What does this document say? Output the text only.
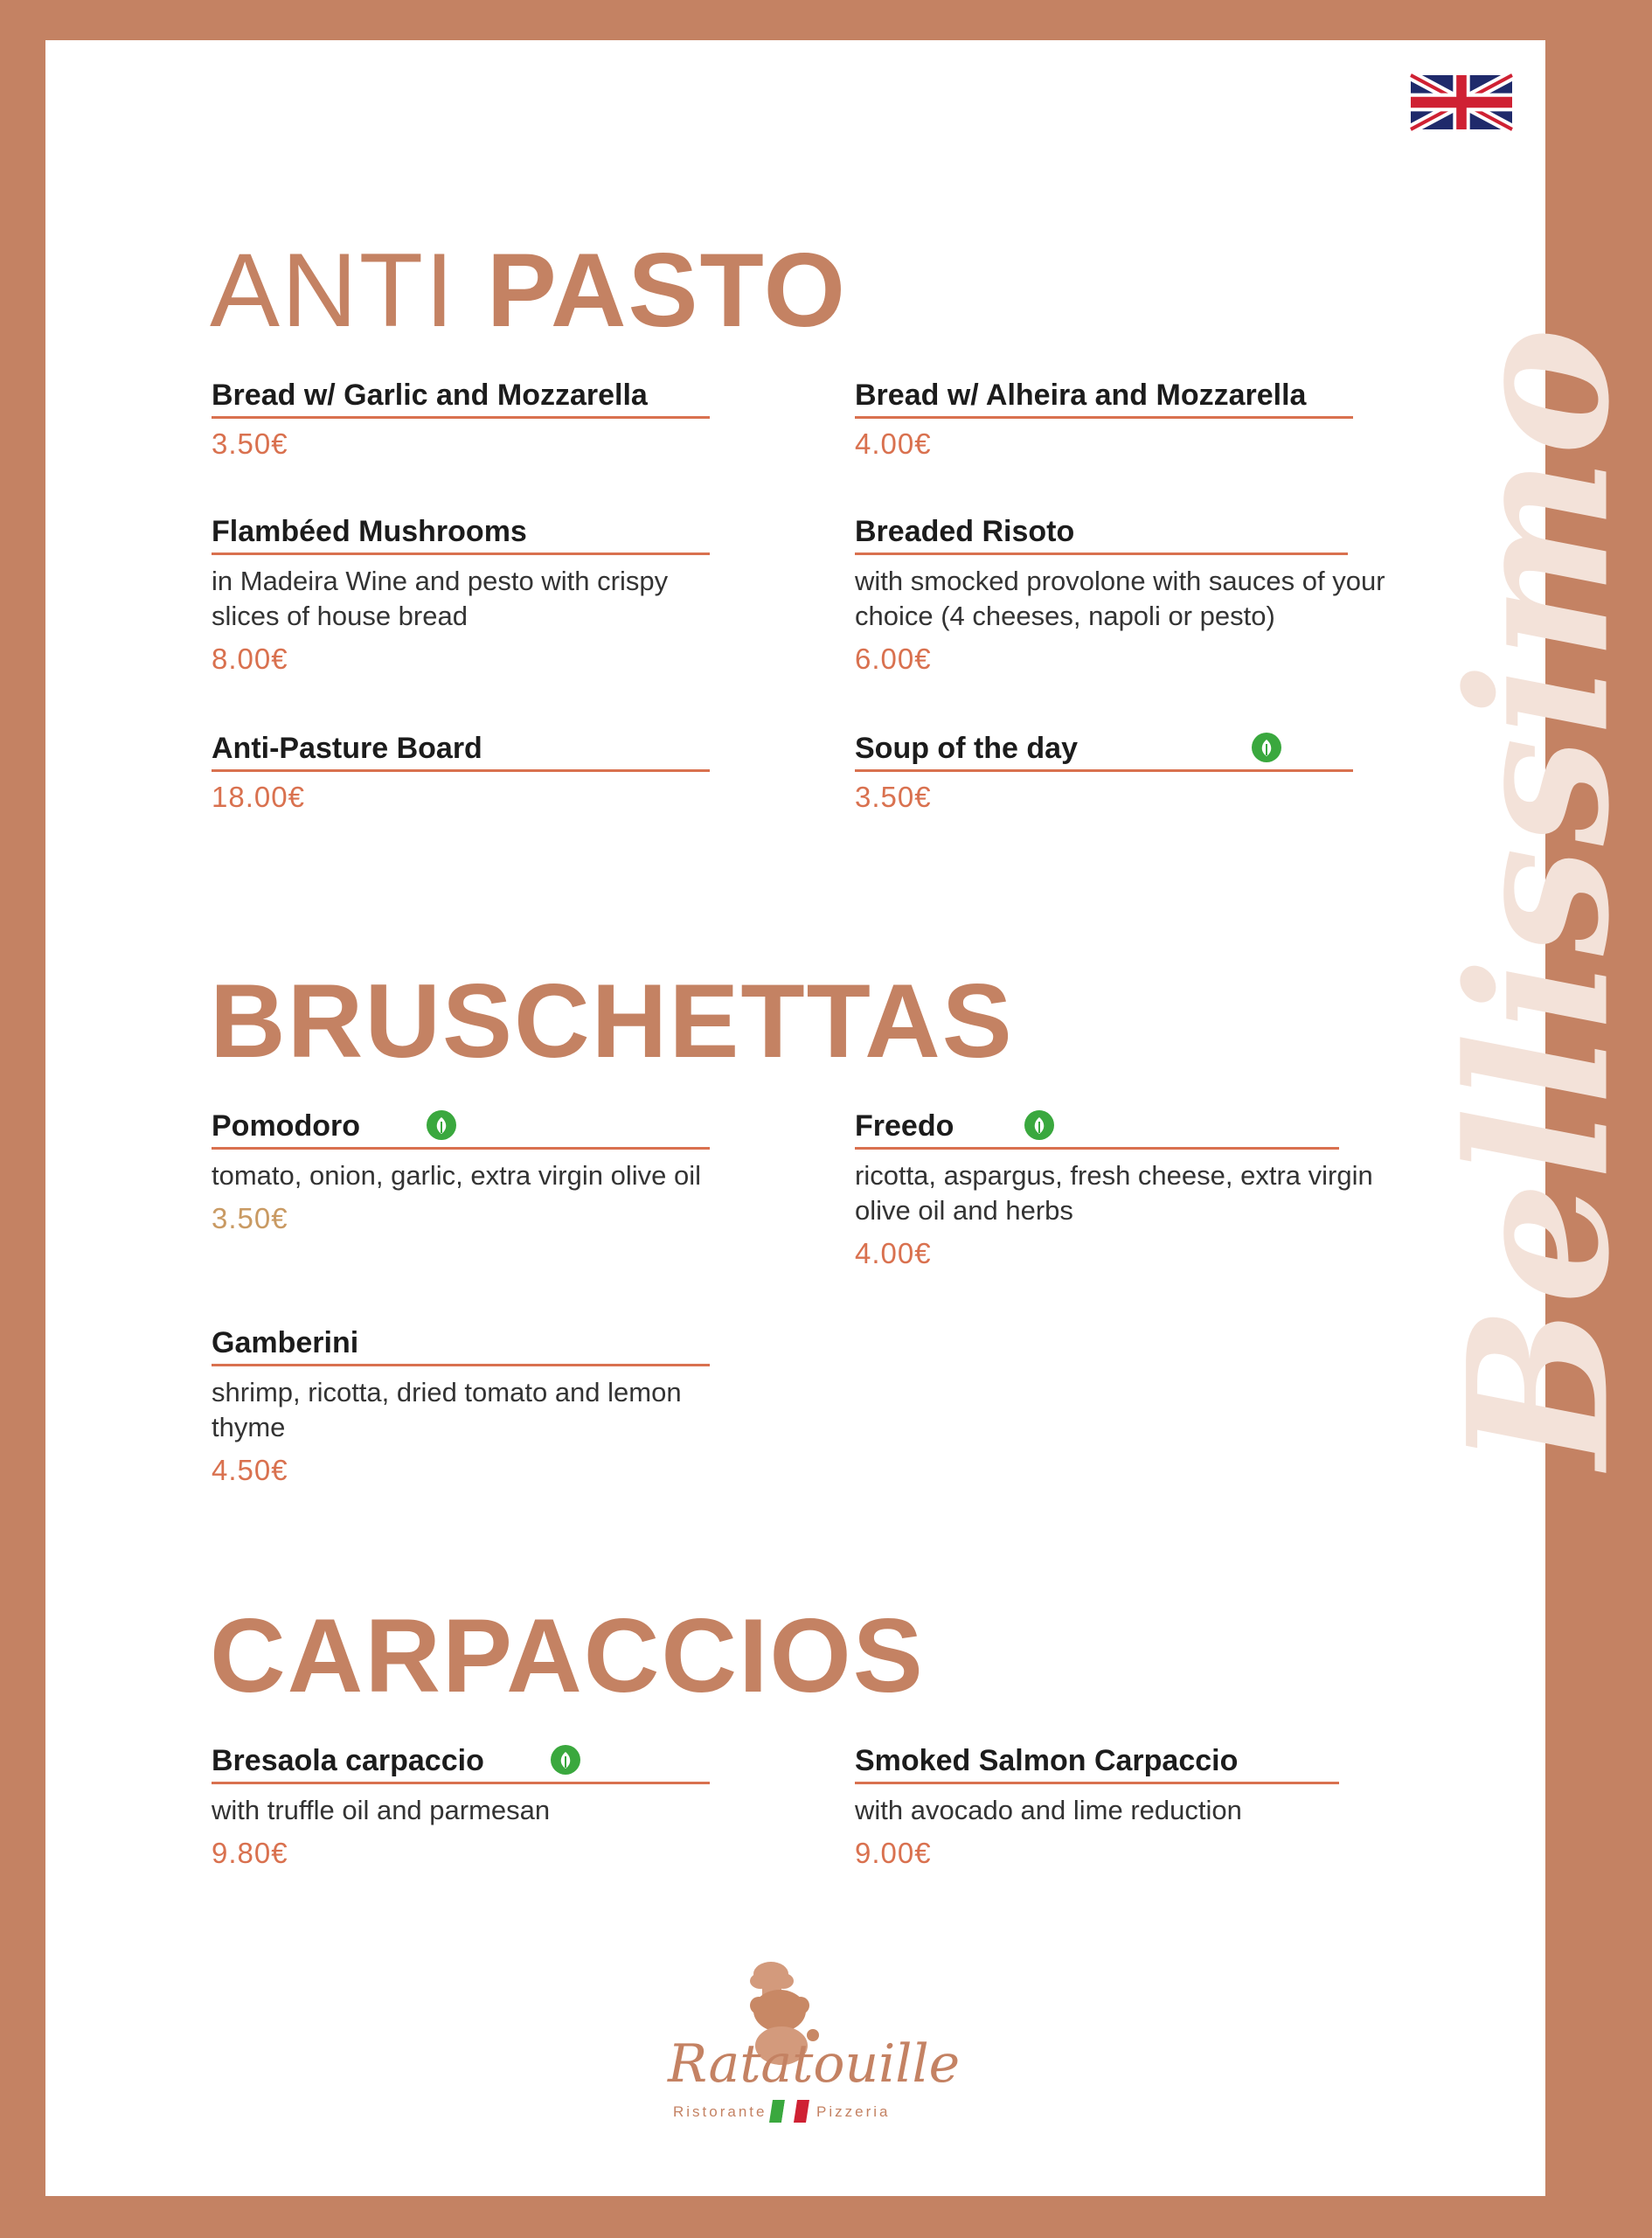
Bellissimo
ANTI PASTO
Bread w/ Garlic and Mozzarella
3.50€
Bread w/ Alheira and Mozzarella
4.00€
Flambéed Mushrooms
in Madeira Wine and pesto with crispy slices of house bread
8.00€
Breaded Risoto
with smocked provolone with sauces of your choice (4 cheeses, napoli or pesto)
6.00€
Anti-Pasture Board
18.00€
Soup of the day
3.50€
BRUSCHETTAS
Pomodoro
tomato, onion, garlic, extra virgin olive oil
3.50€
Freedo
ricotta, aspargus, fresh cheese, extra virgin olive oil and herbs
4.00€
Gamberini
shrimp, ricotta, dried tomato and lemon thyme
4.50€
CARPACCIOS
Bresaola carpaccio
with truffle oil and parmesan
9.80€
Smoked Salmon Carpaccio
with avocado and lime reduction
9.00€
Ratatouille
Ristorante	Pizzeria
